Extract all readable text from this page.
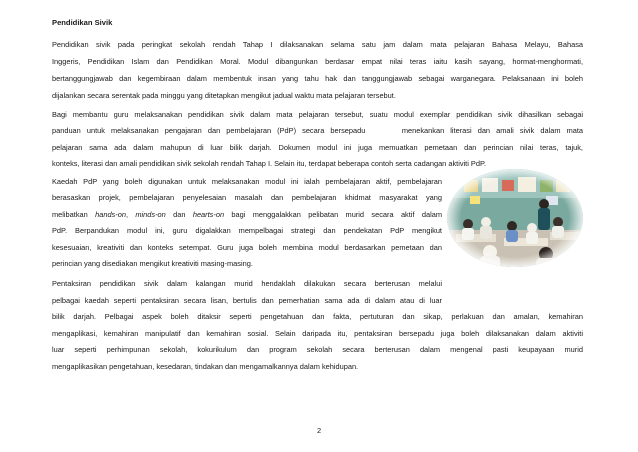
Pendidikan Sivik
Pendidikan sivik pada peringkat sekolah rendah Tahap I dilaksanakan selama satu jam dalam mata pelajaran Bahasa Melayu, Bahasa
Inggeris, Pendidikan Islam dan Pendidikan Moral. Modul dibangunkan berdasar empat nilai teras iaitu kasih sayang, hormat-menghormati,
bertanggungjawab dan kegembiraan dalam membentuk insan yang tahu hak dan tanggungjawab sebagai warganegara. Pelaksanaan ini boleh
dijalankan secara serentak pada minggu yang ditetapkan mengikut jadual waktu mata pelajaran tersebut.
Bagi membantu guru melaksanakan pendidikan sivik dalam mata pelajaran tersebut, suatu modul exemplar pendidikan sivik dihasilkan sebagai
panduan untuk melaksanakan pengajaran dan pembelajaran (PdP) secara bersepadu      menekankan literasi dan amali sivik dalam mata
pelajaran sama ada dalam mahupun di luar bilik darjah. Dokumen modul ini juga memuatkan pemetaan dan perincian nilai teras, tajuk,
konteks, literasi dan amali pendidikan sivik sekolah rendah Tahap I. Selain itu, terdapat beberapa contoh serta cadangan aktiviti PdP.
Kaedah PdP yang boleh digunakan untuk melaksanakan modul ini ialah pembelajaran aktif, pembelajaran
berasaskan projek, pembelajaran penyelesaian masalah dan pembelajaran khidmat masyarakat yang
melibatkan hands-on, minds-on dan hearts-on bagi menggalakkan pelibatan murid secara aktif dalam
PdP. Berpandukan modul ini, guru digalakkan mempelbagai strategi dan pendekatan PdP mengikut
kesesuaian, kreativiti dan konteks setempat. Guru juga boleh membina modul berdasarkan pemetaan dan
perincian yang disediakan mengikut kreativiti masing-masing.
Pentaksiran pendidikan sivik dalam kalangan murid hendaklah dilakukan secara berterusan melalui
pelbagai kaedah seperti pentaksiran secara lisan, bertulis dan pemerhatian sama ada di dalam atau di luar
bilik darjah. Pelbagai aspek boleh ditaksir seperti pengetahuan dan fakta, pertuturan dan sikap, perlakuan dan amalan, kemahiran
mengaplikasi, kemahiran manipulatif dan kemahiran sosial. Selain daripada itu, pentaksiran bersepadu juga boleh dilaksanakan dalam aktiviti
luar seperti perhimpunan sekolah, kokurikulum dan program sekolah secara berterusan dalam mengenal pasti keupayaan murid
mengaplikasikan pengetahuan, kesedaran, tindakan dan mengamalkannya dalam kehidupan.
2
